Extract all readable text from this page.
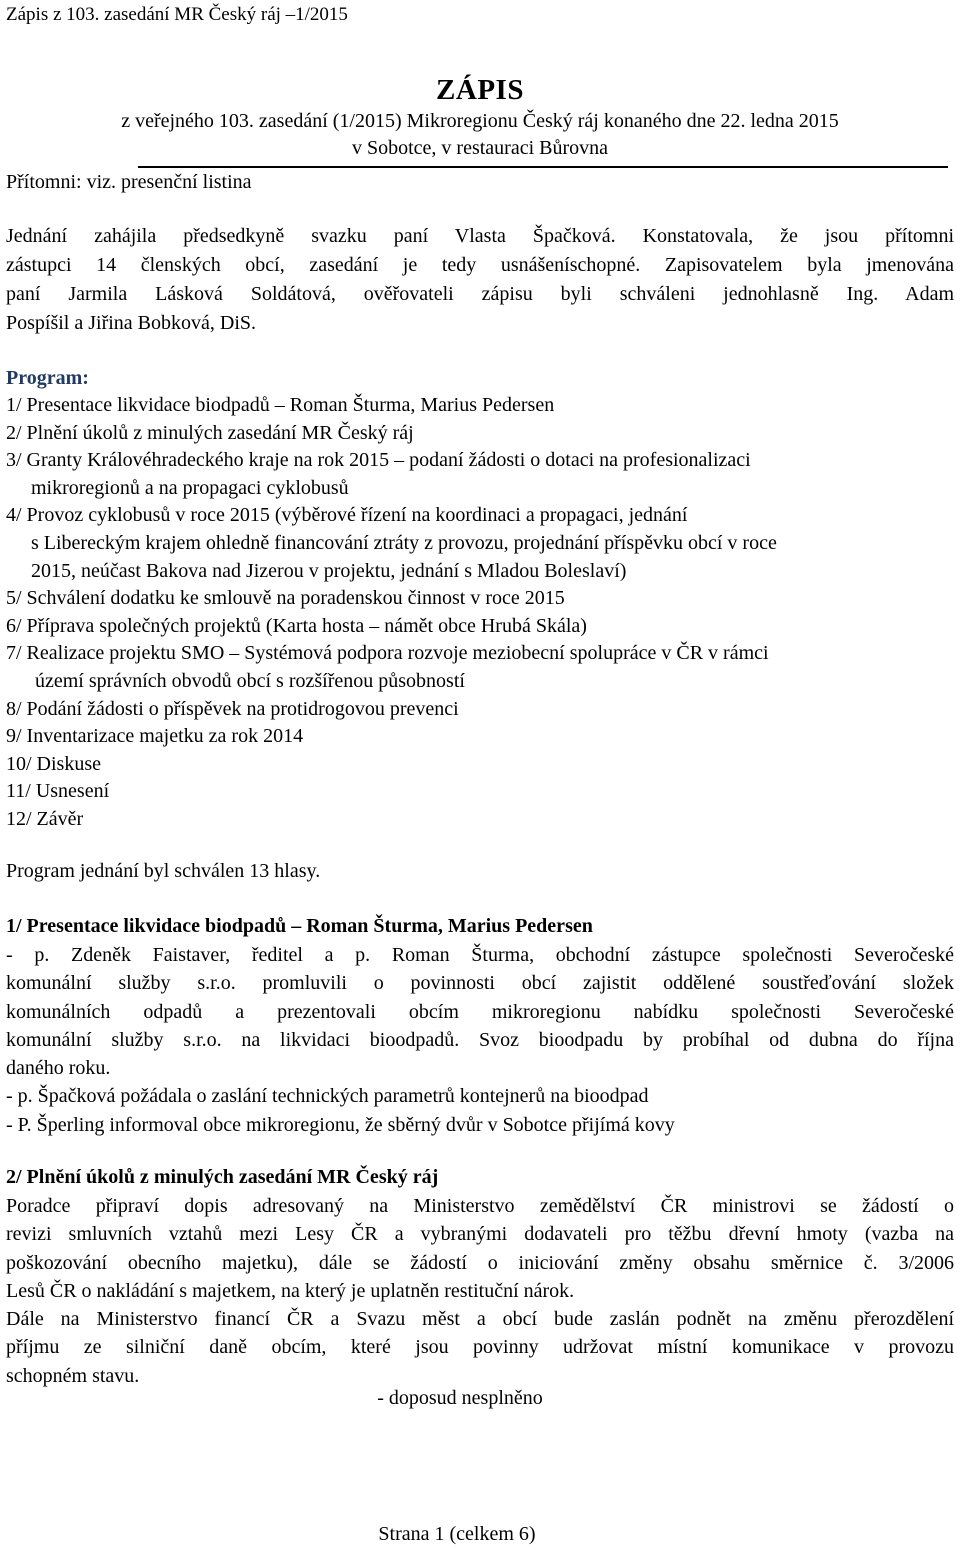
Zápis z 103. zasedání MR Český ráj –1/2015
ZÁPIS
z veřejného 103. zasedání (1/2015) Mikroregionu Český ráj konaného dne 22. ledna 2015
v Sobotce, v restauraci Bůrovna
Přítomni: viz. presenční listina
Jednání zahájila předsedkyně svazku paní Vlasta Špačková. Konstatovala, že jsou přítomni
zástupci 14 členských obcí, zasedání je tedy usnášeníschopné. Zapisovatelem byla jmenována
paní Jarmila Lásková Soldátová, ověřovateli zápisu byli schváleni jednohlasně Ing. Adam
Pospíšil a Jiřina Bobková, DiS.
Program:
1/ Presentace likvidace biodpadů – Roman Šturma, Marius Pedersen
2/ Plnění úkolů z minulých zasedání MR Český ráj
3/ Granty Královéhradeckého kraje na rok 2015 – podaní žádosti o dotaci na profesionalizaci
mikroregionů a na propagaci cyklobusů
4/ Provoz cyklobusů v roce 2015 (výběrové řízení na koordinaci a propagaci, jednání
s Libereckým krajem ohledně financování ztráty z provozu, projednání příspěvku obcí v roce
2015, neúčast Bakova nad Jizerou v projektu, jednání s Mladou Boleslaví)
5/ Schválení dodatku ke smlouvě na poradenskou činnost v roce 2015
6/ Příprava společných projektů (Karta hosta – námět obce Hrubá Skála)
7/ Realizace projektu SMO – Systémová podpora rozvoje meziobecní spolupráce v ČR v rámci
území správních obvodů obcí s rozšířenou působností
8/ Podání žádosti o příspěvek na protidrogovou prevenci
9/ Inventarizace majetku za rok 2014
10/ Diskuse
11/ Usnesení
12/ Závěr
Program jednání byl schválen 13 hlasy.
1/ Presentace likvidace biodpadů – Roman Šturma, Marius Pedersen
- p. Zdeněk Faistaver, ředitel a p. Roman Šturma, obchodní zástupce společnosti Severočeské
komunální služby s.r.o. promluvili o povinnosti obcí zajistit oddělené soustřeďování složek
komunálních odpadů a prezentovali obcím mikroregionu nabídku společnosti Severočeské
komunální služby s.r.o. na likvidaci bioodpadů. Svoz bioodpadu by probíhal od dubna do října
daného roku.
- p. Špačková požádala o zaslání technických parametrů kontejnerů na bioodpad
- P. Šperling informoval obce mikroregionu, že sběrný dvůr v Sobotce přijímá kovy
2/ Plnění úkolů z minulých zasedání MR Český ráj
Poradce připraví dopis adresovaný na Ministerstvo zemědělství ČR ministrovi se žádostí o
revizi smluvních vztahů mezi Lesy ČR a vybranými dodavateli pro těžbu dřevní hmoty (vazba na
poškozování obecního majetku), dále se žádostí o iniciování změny obsahu směrnice č. 3/2006
Lesů ČR o nakládání s majetkem, na který je uplatněn restituční nárok.
Dále na Ministerstvo financí ČR a Svazu měst a obcí bude zaslán podnět na změnu přerozdělení
příjmu ze silniční daně obcím, které jsou povinny udržovat místní komunikace v provozu
schopném stavu.
- doposud nesplněno
Strana 1 (celkem 6)
